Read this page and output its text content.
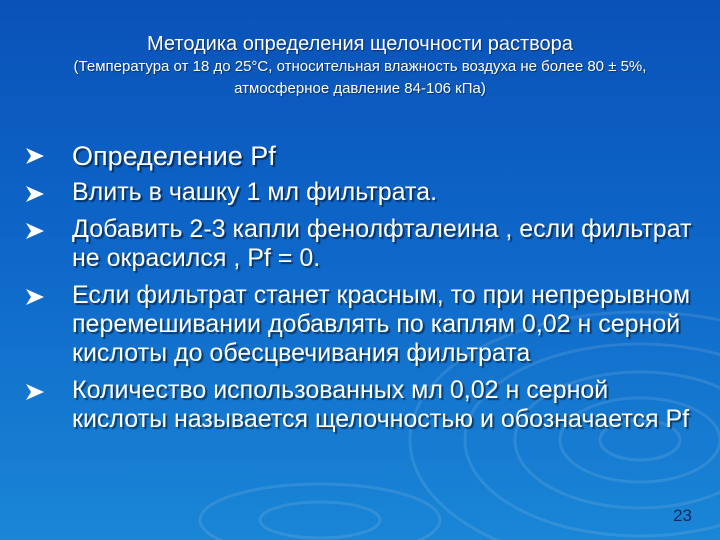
Методика определения щелочности раствора
(Температура от 18 до 25°С, относительная влажность воздуха не более 80 ± 5%, атмосферное давление 84-106 кПа)
Определение Pf
Влить в чашку 1 мл фильтрата.
Добавить 2-3 капли фенолфталеина , если фильтрат не окрасился , Pf = 0.
Если фильтрат станет красным, то при непрерывном перемешивании добавлять по каплям 0,02 н серной кислоты до обесцвечивания фильтрата
Количество использованных мл 0,02 н серной кислоты называется щелочностью и обозначается Pf
23
